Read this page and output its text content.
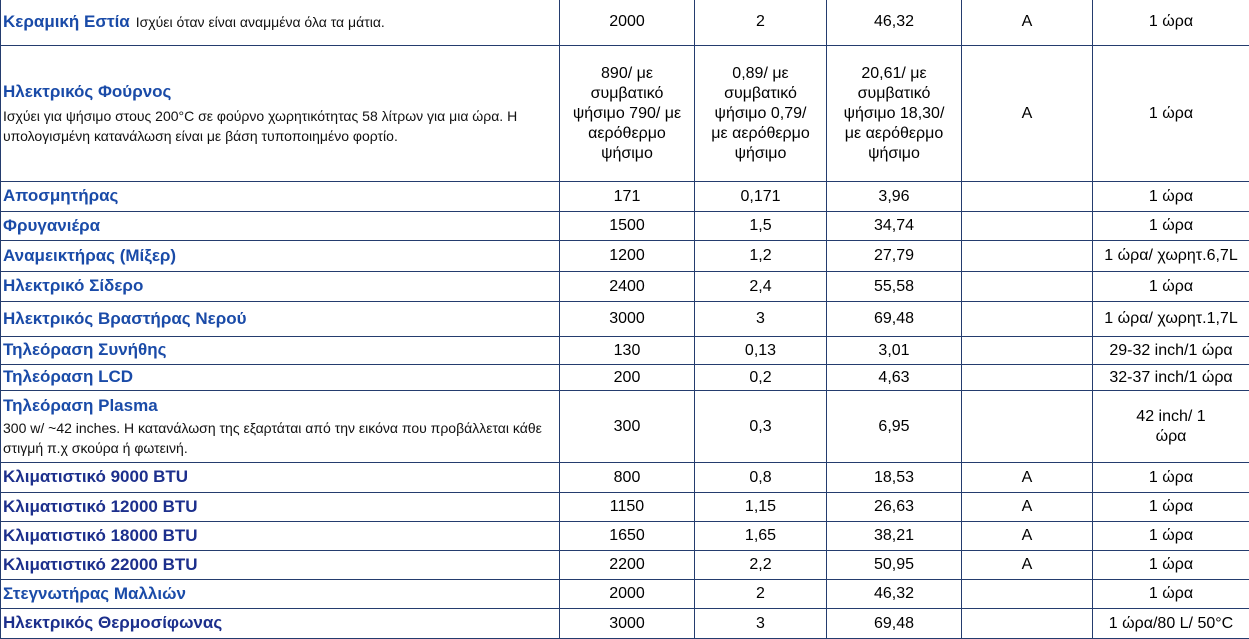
Κεραμική Εστία Ισχύει όταν είναι αναμμένα όλα τα μάτια.	2000	2	46,32	A	1 ώρα

Ηλεκτρικός Φούρνος
Ισχύει για ψήσιμο στους 200°C σε φούρνο χωρητικότητας 58 λίτρων για μια ώρα. Η υπολογισμένη κατανάλωση είναι με βάση τυποποιημένο φορτίο.	890/ με συμβατικό ψήσιμο 790/ με αερόθερμο ψήσιμο	0,89/ με συμβατικό ψήσιμο 0,79/ με αερόθερμο ψήσιμο	20,61/ με συμβατικό ψήσιμο 18,30/ με αερόθερμο ψήσιμο	A	1 ώρα
Αποσμητήρας	171	0,171	3,96		1 ώρα
Φρυγανιέρα	1500	1,5	34,74		1 ώρα
Αναμεικτήρας (Μίξερ)	1200	1,2	27,79		1 ώρα/ χωρητ.6,7L
Ηλεκτρικό Σίδερο	2400	2,4	55,58		1 ώρα
Ηλεκτρικός Βραστήρας Νερού	3000	3	69,48		1 ώρα/ χωρητ.1,7L
Τηλεόραση Συνήθης	130	0,13	3,01		29-32 inch/1 ώρα
Τηλεόραση LCD	200	0,2	4,63		32-37 inch/1 ώρα

Τηλεόραση Plasma
300 w/ ~42 inches. Η κατανάλωση της εξαρτάται από την εικόνα που προβάλλεται κάθε στιγμή π.χ σκούρα ή φωτεινή.	300	0,3	6,95		42 inch/ 1 ώρα
Κλιματιστικό 9000 BTU	800	0,8	18,53	A	1 ώρα
Κλιματιστικό 12000 BTU	1150	1,15	26,63	A	1 ώρα
Κλιματιστικό 18000 BTU	1650	1,65	38,21	A	1 ώρα
Κλιματιστικό 22000 BTU	2200	2,2	50,95	A	1 ώρα
Στεγνωτήρας Μαλλιών	2000	2	46,32		1 ώρα
Ηλεκτρικός Θερμοσίφωνας	3000	3	69,48		1 ώρα/80 L/ 50°C
